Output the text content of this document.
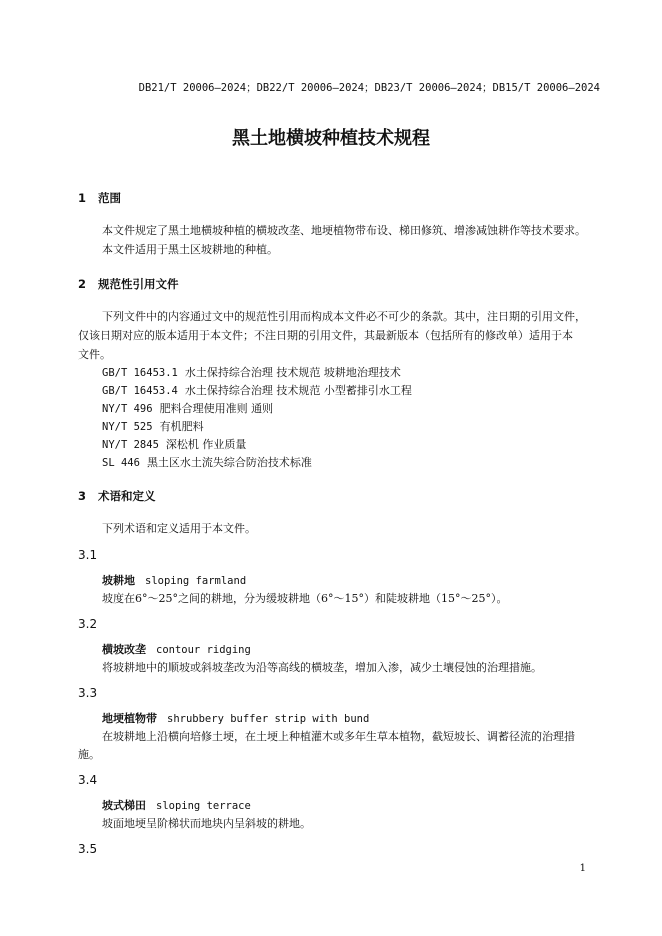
DB21/T 20006—2024；DB22/T 20006—2024；DB23/T 20006—2024；DB15/T 20006—2024
黑土地横坡种植技术规程
1 范围
本文件规定了黑土地横坡种植的横坡改垄、地埂植物带布设、梯田修筑、增渗减蚀耕作等技术要求。
本文件适用于黑土区坡耕地的种植。
2 规范性引用文件
下列文件中的内容通过文中的规范性引用而构成本文件必不可少的条款。其中，注日期的引用文件，
仅该日期对应的版本适用于本文件；不注日期的引用文件，其最新版本（包括所有的修改单）适用于本
文件。
GB/T 16453.1 水土保持综合治理 技术规范 坡耕地治理技术
GB/T 16453.4 水土保持综合治理 技术规范 小型蓄排引水工程
NY/T 496 肥料合理使用准则 通则
NY/T 525 有机肥料
NY/T 2845 深松机 作业质量
SL 446 黑土区水土流失综合防治技术标准
3 术语和定义
下列术语和定义适用于本文件。
3.1
坡耕地 sloping farmland
坡度在6°～25°之间的耕地，分为缓坡耕地（6°～15°）和陡坡耕地（15°～25°）。
3.2
横坡改垄 contour ridging
将坡耕地中的顺坡或斜坡垄改为沿等高线的横坡垄，增加入渗，减少土壤侵蚀的治理措施。
3.3
地埂植物带 shrubbery buffer strip with bund
在坡耕地上沿横向培修土埂，在土埂上种植灌木或多年生草本植物，截短坡长、调蓄径流的治理措
施。
3.4
坡式梯田 sloping terrace
坡面地埂呈阶梯状而地块内呈斜坡的耕地。
3.5
1
